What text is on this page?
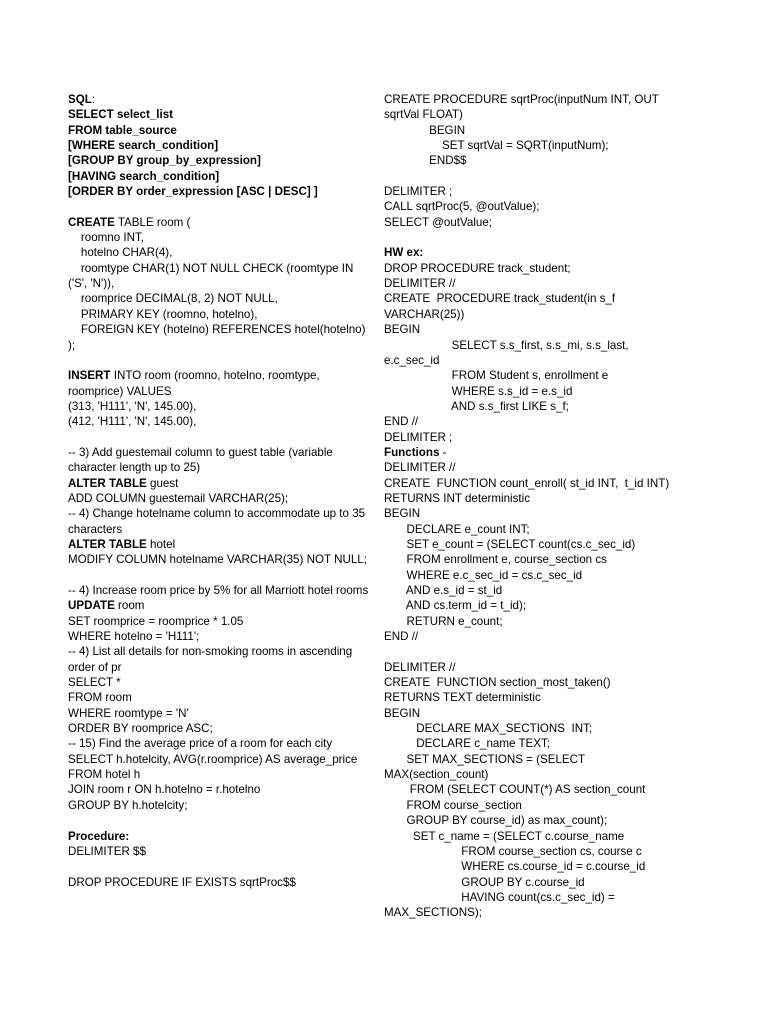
SQL:
SELECT select_list
FROM table_source
[WHERE search_condition]
[GROUP BY group_by_expression]
[HAVING search_condition]
[ORDER BY order_expression [ASC | DESC] ]
CREATE TABLE room (
roomno INT,
hotelno CHAR(4),
roomtype CHAR(1) NOT NULL CHECK (roomtype IN
('S', 'N')),
roomprice DECIMAL(8, 2) NOT NULL,
PRIMARY KEY (roomno, hotelno),
FOREIGN KEY (hotelno) REFERENCES hotel(hotelno)
);
INSERT INTO room (roomno, hotelno, roomtype,
roomprice) VALUES
(313, 'H111', 'N', 145.00),
(412, 'H111', 'N', 145.00),
-- 3) Add guestemail column to guest table (variable
character length up to 25)
ALTER TABLE guest
ADD COLUMN guestemail VARCHAR(25);
-- 4) Change hotelname column to accommodate up to 35
characters
ALTER TABLE hotel
MODIFY COLUMN hotelname VARCHAR(35) NOT NULL;
-- 4) Increase room price by 5% for all Marriott hotel rooms
UPDATE room
SET roomprice = roomprice * 1.05
WHERE hotelno = 'H111';
-- 4) List all details for non-smoking rooms in ascending
order of pr
SELECT *
FROM room
WHERE roomtype = 'N'
ORDER BY roomprice ASC;
-- 15) Find the average price of a room for each city
SELECT h.hotelcity, AVG(r.roomprice) AS average_price
FROM hotel h
JOIN room r ON h.hotelno = r.hotelno
GROUP BY h.hotelcity;
Procedure:
DELIMITER $$
DROP PROCEDURE IF EXISTS sqrtProc$$
CREATE PROCEDURE sqrtProc(inputNum INT, OUT
sqrtVal FLOAT)
BEGIN
SET sqrtVal = SQRT(inputNum);
END$$
DELIMITER ;
CALL sqrtProc(5, @outValue);
SELECT @outValue;
HW ex:
DROP PROCEDURE track_student;
DELIMITER //
CREATE  PROCEDURE track_student(in s_f
VARCHAR(25))
BEGIN
SELECT s.s_first, s.s_mi, s.s_last,
e.c_sec_id
FROM Student s, enrollment e
WHERE s.s_id = e.s_id
AND s.s_first LIKE s_f;
END //
DELIMITER ;
Functions -
DELIMITER //
CREATE  FUNCTION count_enroll( st_id INT,  t_id INT)
RETURNS INT deterministic
BEGIN
DECLARE e_count INT;
SET e_count = (SELECT count(cs.c_sec_id)
FROM enrollment e, course_section cs
WHERE e.c_sec_id = cs.c_sec_id
AND e.s_id = st_id
AND cs.term_id = t_id);
RETURN e_count;
END //
DELIMITER //
CREATE  FUNCTION section_most_taken()
RETURNS TEXT deterministic
BEGIN
DECLARE MAX_SECTIONS  INT;
DECLARE c_name TEXT;
SET MAX_SECTIONS = (SELECT
MAX(section_count)
FROM (SELECT COUNT(*) AS section_count
FROM course_section
GROUP BY course_id) as max_count);
SET c_name = (SELECT c.course_name
FROM course_section cs, course c
WHERE cs.course_id = c.course_id
GROUP BY c.course_id
HAVING count(cs.c_sec_id) =
MAX_SECTIONS);
